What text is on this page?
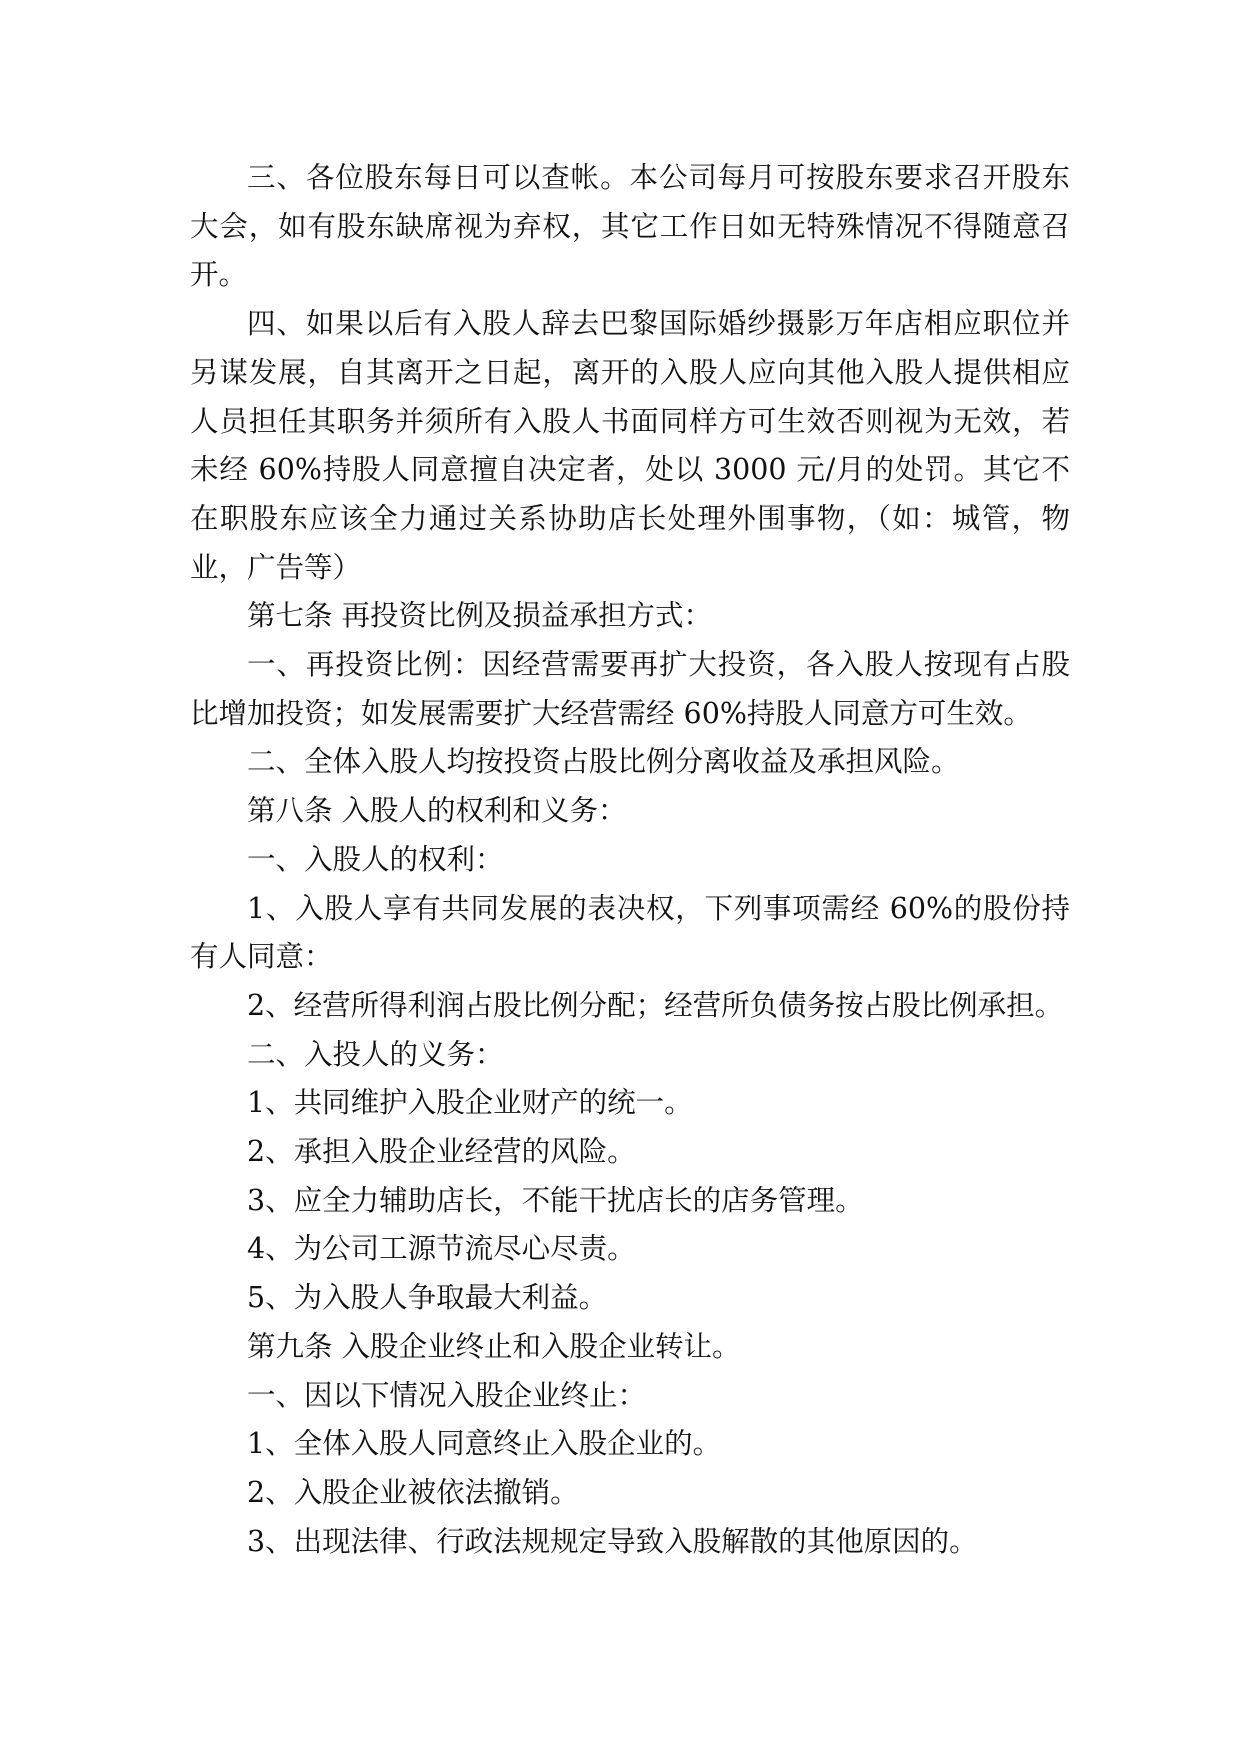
三、各位股东每日可以查帐。本公司每月可按股东要求召开股东大会，如有股东缺席视为弃权，其它工作日如无特殊情况不得随意召开。

四、如果以后有入股人辞去巴黎国际婚纱摄影万年店相应职位并另谋发展，自其离开之日起，离开的入股人应向其他入股人提供相应人员担任其职务并须所有入股人书面同样方可生效否则视为无效，若未经 60%持股人同意擅自决定者，处以 3000 元/月的处罚。其它不在职股东应该全力通过关系协助店长处理外围事物，（如：城管，物业，广告等）

第七条 再投资比例及损益承担方式：

一、再投资比例：因经营需要再扩大投资，各入股人按现有占股比增加投资；如发展需要扩大经营需经 60%持股人同意方可生效。

二、全体入股人均按投资占股比例分离收益及承担风险。

第八条 入股人的权利和义务：

一、入股人的权利：

1、入股人享有共同发展的表决权，下列事项需经 60%的股份持有人同意：

2、经营所得利润占股比例分配；经营所负债务按占股比例承担。

二、入投人的义务：

1、共同维护入股企业财产的统一。

2、承担入股企业经营的风险。

3、应全力辅助店长，不能干扰店长的店务管理。

4、为公司工源节流尽心尽责。

5、为入股人争取最大利益。

第九条 入股企业终止和入股企业转让。

一、因以下情况入股企业终止：

1、全体入股人同意终止入股企业的。

2、入股企业被依法撤销。

3、出现法律、行政法规规定导致入股解散的其他原因的。
